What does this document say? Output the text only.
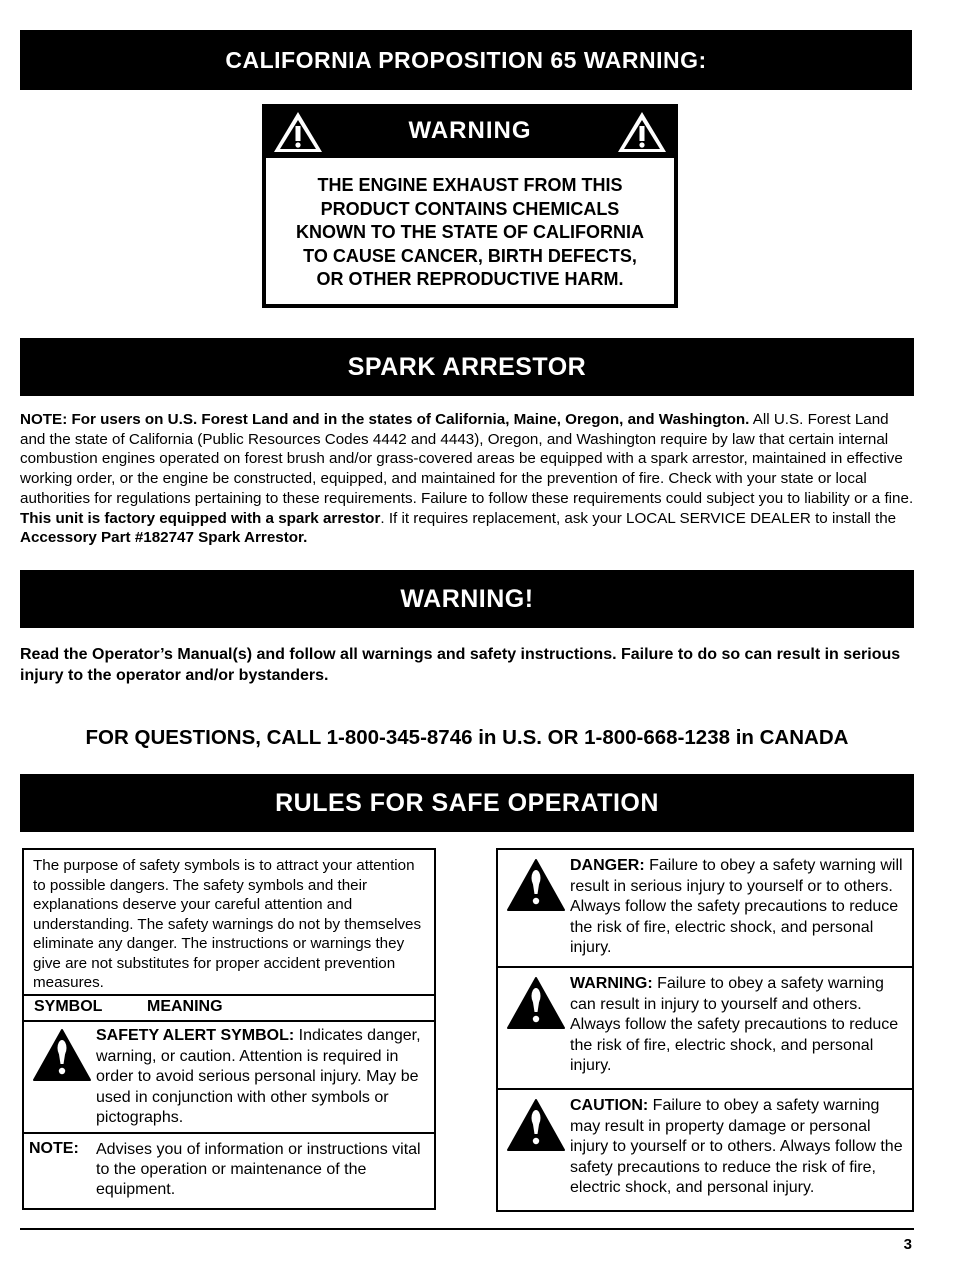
CALIFORNIA PROPOSITION 65 WARNING:
WARNING
THE ENGINE EXHAUST FROM THIS
PRODUCT CONTAINS CHEMICALS
KNOWN TO THE STATE OF CALIFORNIA
TO CAUSE CANCER, BIRTH DEFECTS,
OR OTHER REPRODUCTIVE HARM.
SPARK ARRESTOR
NOTE: For users on U.S. Forest Land and in the states of California, Maine, Oregon, and Washington. All U.S. Forest Land and the state of California (Public Resources Codes 4442 and 4443), Oregon, and Washington require by law that certain internal combustion engines operated on forest brush and/or grass-covered areas be equipped with a spark arrestor, maintained in effective working order, or the engine be constructed, equipped, and maintained for the prevention of fire. Check with your state or local authorities for regulations pertaining to these requirements. Failure to follow these requirements could subject you to liability or a fine. This unit is factory equipped with a spark arrestor. If it requires replacement, ask your LOCAL SERVICE DEALER to install the Accessory Part #182747 Spark Arrestor.
WARNING!
Read the Operator’s Manual(s) and follow all warnings and safety instructions. Failure to do so can result in serious injury to the operator and/or bystanders.
FOR QUESTIONS, CALL 1-800-345-8746 in U.S. OR 1-800-668-1238 in CANADA
RULES FOR SAFE OPERATION
The purpose of safety symbols is to attract your attention to possible dangers. The safety symbols and their explanations deserve your careful attention and understanding. The safety warnings do not by themselves eliminate any danger. The instructions or warnings they give are not substitutes for proper accident prevention measures.
SYMBOL	MEANING
SAFETY ALERT SYMBOL: Indicates danger, warning, or caution. Attention is required in order to avoid serious personal injury. May be used in conjunction with other symbols or pictographs.
NOTE: Advises you of information or instructions vital to the operation or maintenance of the equipment.
DANGER: Failure to obey a safety warning will result in serious injury to yourself or to others. Always follow the safety precautions to reduce the risk of fire, electric shock, and personal injury.
WARNING: Failure to obey a safety warning can result in injury to yourself and others. Always follow the safety precautions to reduce the risk of fire, electric shock, and personal injury.
CAUTION: Failure to obey a safety warning may result in property damage or personal injury to yourself or to others. Always follow the safety precautions to reduce the risk of fire, electric shock, and personal injury.
3
